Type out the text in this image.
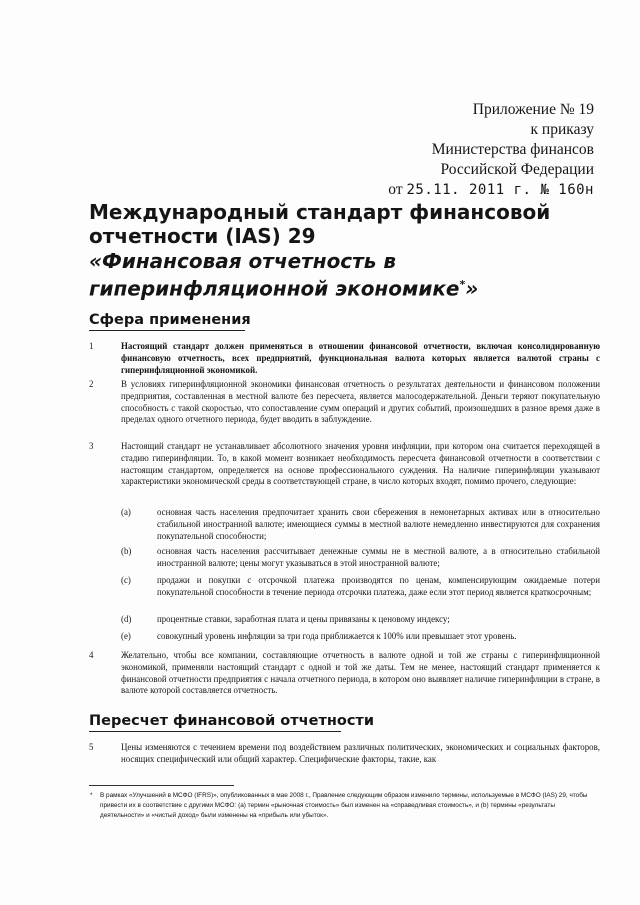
Приложение № 19
к приказу
Министерства финансов
Российской Федерации
от 25.11. 2011 г. № 160н
Международный стандарт финансовой отчетности (IAS) 29
«Финансовая отчетность в гиперинфляционной экономике*»
Сфера применения
1	Настоящий стандарт должен применяться в отношении финансовой отчетности, включая консолидированную финансовую отчетность, всех предприятий, функциональная валюта которых является валютой страны с гиперинфляционной экономикой.
2	В условиях гиперинфляционной экономики финансовая отчетность о результатах деятельности и финансовом положении предприятия, составленная в местной валюте без пересчета, является малосодержательной. Деньги теряют покупательную способность с такой скоростью, что сопоставление сумм операций и других событий, произошедших в разное время даже в пределах одного отчетного периода, будет вводить в заблуждение.
3	Настоящий стандарт не устанавливает абсолютного значения уровня инфляции, при котором она считается переходящей в стадию гиперинфляции. То, в какой момент возникает необходимость пересчета финансовой отчетности в соответствии с настоящим стандартом, определяется на основе профессионального суждения. На наличие гиперинфляции указывают характеристики экономической среды в соответствующей стране, в число которых входят, помимо прочего, следующие:
(a)	основная часть населения предпочитает хранить свои сбережения в немонетарных активах или в относительно стабильной иностранной валюте; имеющиеся суммы в местной валюте немедленно инвестируются для сохранения покупательной способности;
(b)	основная часть населения рассчитывает денежные суммы не в местной валюте, а в относительно стабильной иностранной валюте; цены могут указываться в этой иностранной валюте;
(c)	продажи и покупки с отсрочкой платежа производятся по ценам, компенсирующим ожидаемые потери покупательной способности в течение периода отсрочки платежа, даже если этот период является краткосрочным;
(d)	процентные ставки, заработная плата и цены привязаны к ценовому индексу;
(e)	совокупный уровень инфляции за три года приближается к 100% или превышает этот уровень.
4	Желательно, чтобы все компании, составляющие отчетность в валюте одной и той же страны с гиперинфляционной экономикой, применяли настоящий стандарт с одной и той же даты. Тем не менее, настоящий стандарт применяется к финансовой отчетности предприятия с начала отчетного периода, в котором оно выявляет наличие гиперинфляции в стране, в валюте которой составляется отчетность.
Пересчет финансовой отчетности
5	Цены изменяются с течением времени под воздействием различных политических, экономических и социальных факторов, носящих специфический или общий характер. Специфические факторы, такие, как
* В рамках «Улучшений в МСФО (IFRS)», опубликованных в мае 2008 г., Правление следующим образом изменило термины, используемые в МСФО (IAS) 29, чтобы привести их в соответствие с другими МСФО: (a) термин «рыночная стоимость» был изменен на «справедливая стоимость», и (b) термины «результаты деятельности» и «чистый доход» были изменены на «прибыль или убыток».
